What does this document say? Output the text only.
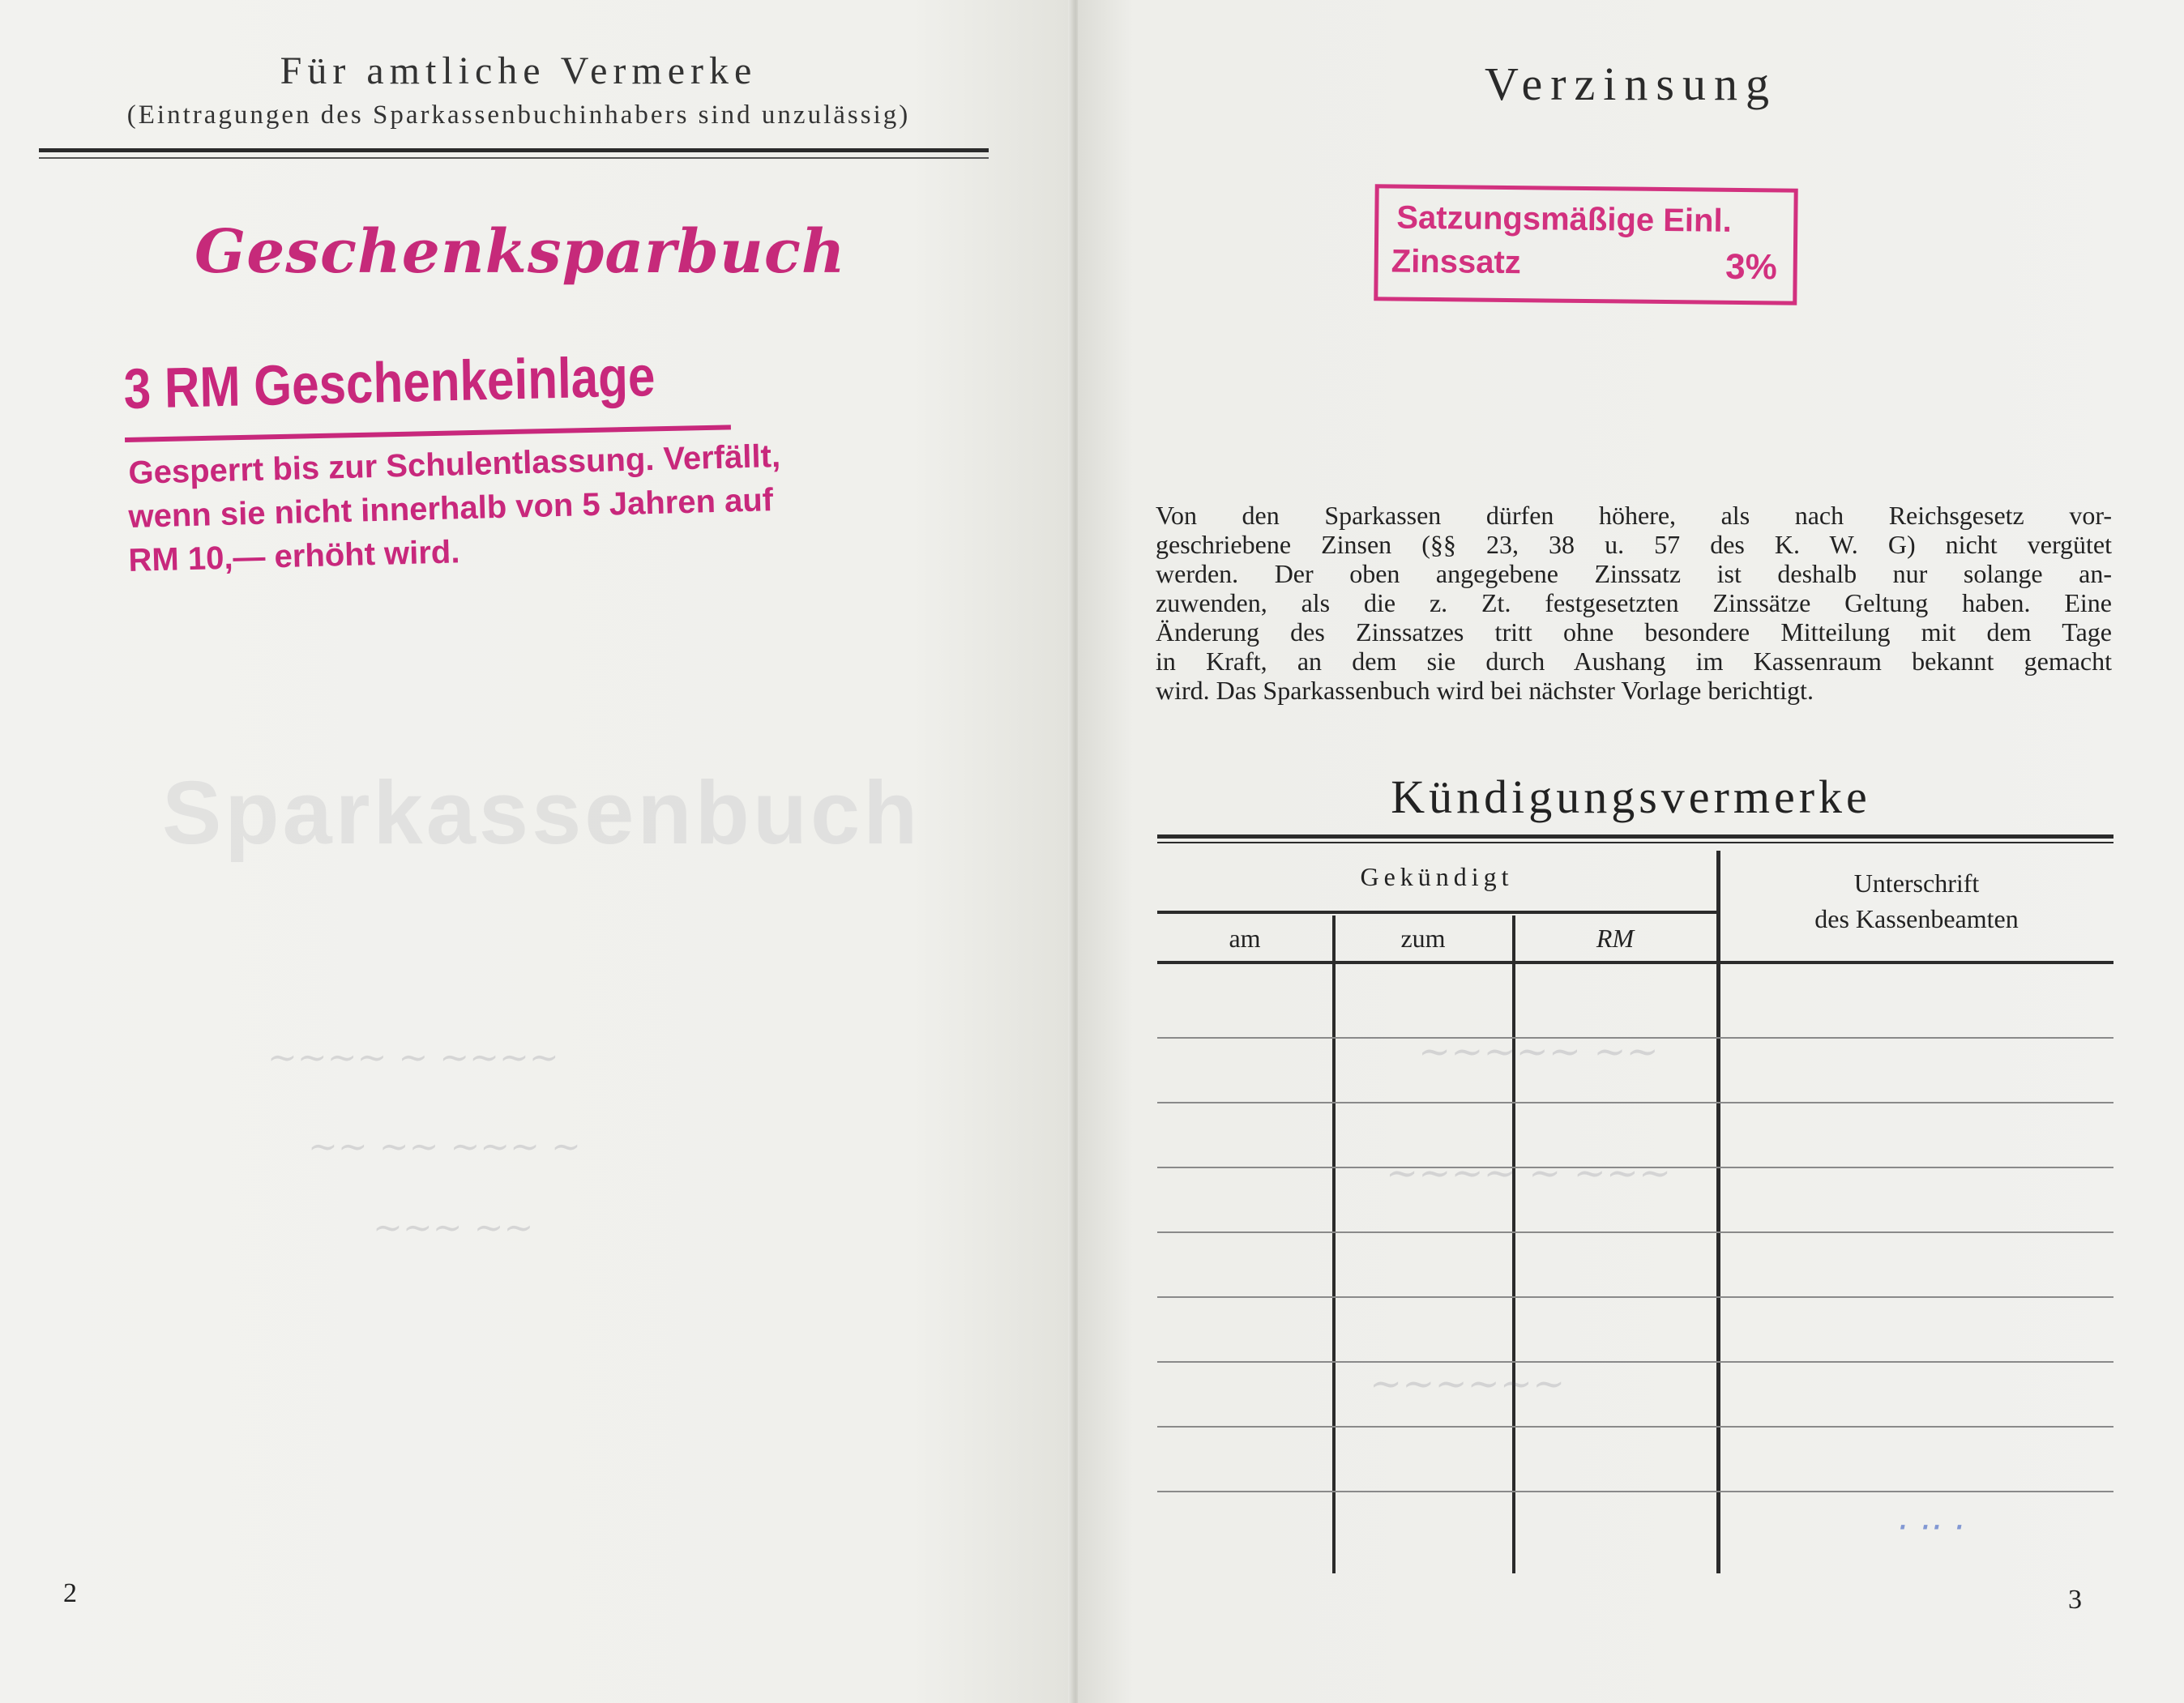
Sparkassenbuch
~~~~ ~ ~~~~
~~ ~~ ~~~ ~
~~~ ~~
Für amtliche Vermerke
(Eintragungen des Sparkassenbuchinhabers sind unzulässig)
Geschenksparbuch
3 RM Geschenkeinlage
Gesperrt bis zur Schulentlassung. Verfällt,
wenn sie nicht innerhalb von 5 Jahren auf
RM 10,— erhöht wird.
2
Verzinsung
Satzungsmäßige Einl.
Zinssatz	3%
Von den Sparkassen dürfen höhere, als nach Reichsgesetz vor-
geschriebene Zinsen (§§ 23, 38 u. 57 des K. W. G) nicht vergütet
werden. Der oben angegebene Zinssatz ist deshalb nur solange an-
zuwenden, als die z. Zt. festgesetzten Zinssätze Geltung haben. Eine
Änderung des Zinssatzes tritt ohne besondere Mitteilung mit dem Tage
in Kraft, an dem sie durch Aushang im Kassenraum bekannt gemacht
wird. Das Sparkassenbuch wird bei nächster Vorlage berichtigt.
Kündigungsvermerke
Gekündigt
am	zum	RM
Unterschrift
des Kassenbeamten
~~~~~ ~~
~~~~ ~ ~~~
~~~~~~
· ·· ·
3
